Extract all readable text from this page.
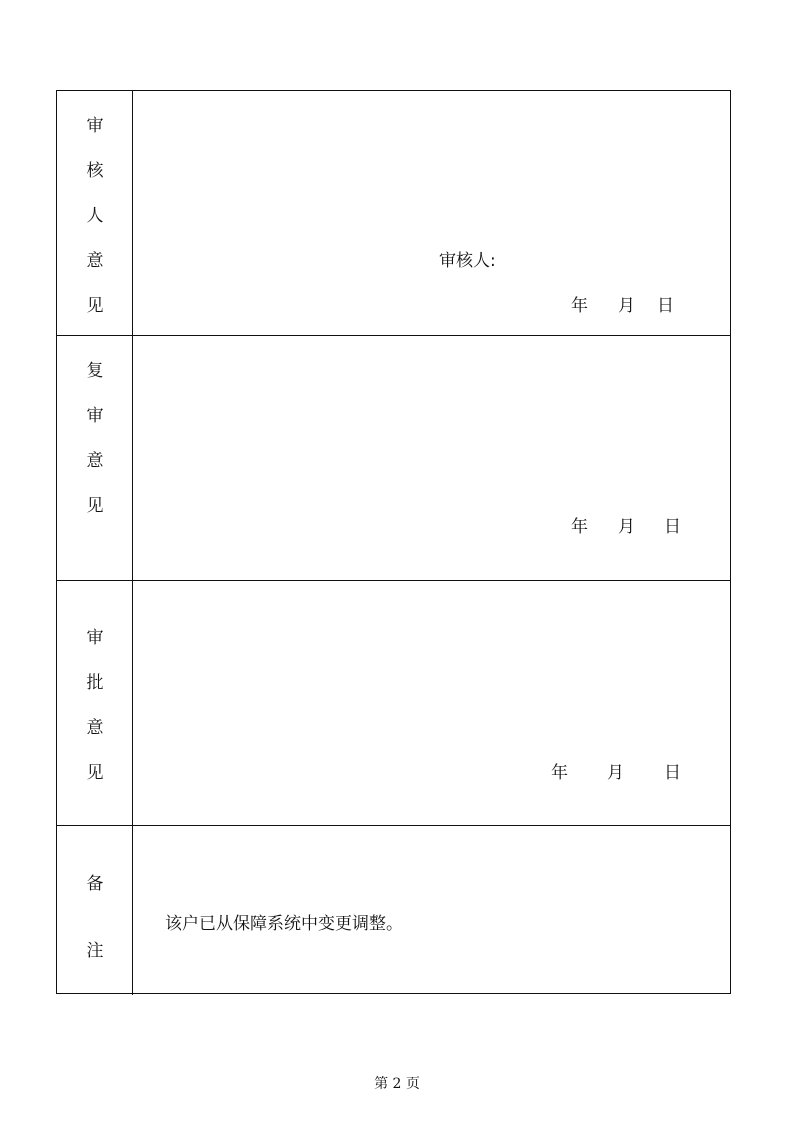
审
核
人
意
见
审核人:
年 月 日
复
审
意
见
年 月 日
审
批
意
见	年 月 日
备
注
该户已从保障系统中变更调整。
第 2 页
